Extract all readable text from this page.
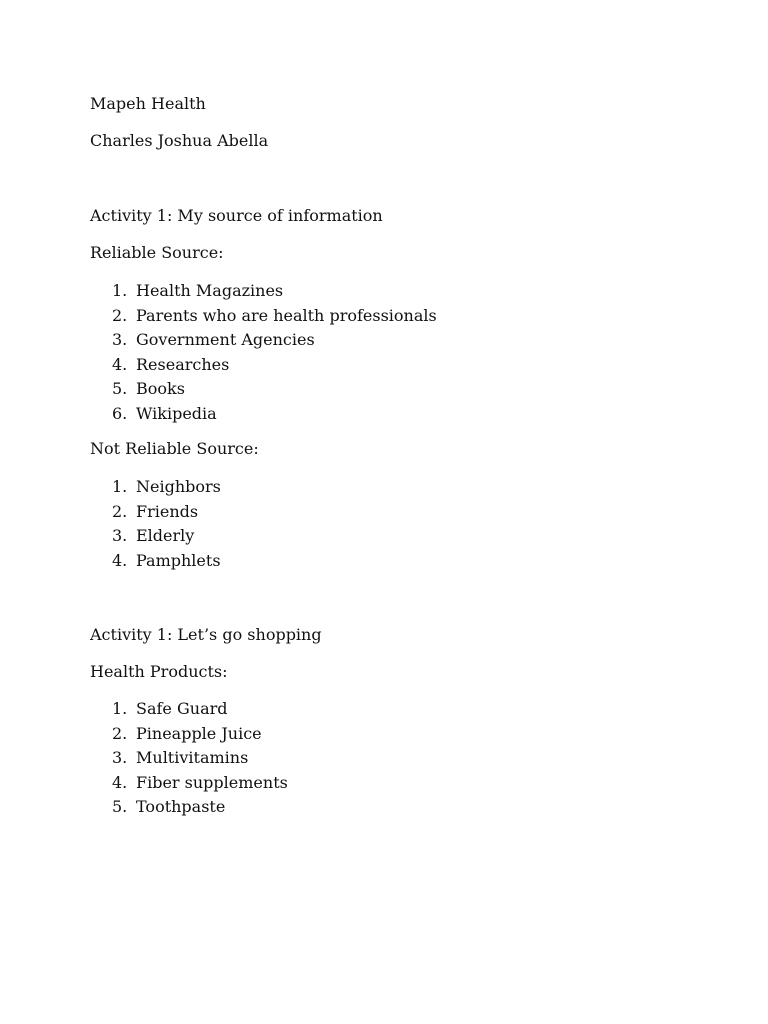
Mapeh Health
Charles Joshua Abella
Activity 1: My source of information
Reliable Source:
1. Health Magazines
2. Parents who are health professionals
3. Government Agencies
4. Researches
5. Books
6. Wikipedia
Not Reliable Source:
1. Neighbors
2. Friends
3. Elderly
4. Pamphlets
Activity 1: Let’s go shopping
Health Products:
1. Safe Guard
2. Pineapple Juice
3. Multivitamins
4. Fiber supplements
5. Toothpaste
